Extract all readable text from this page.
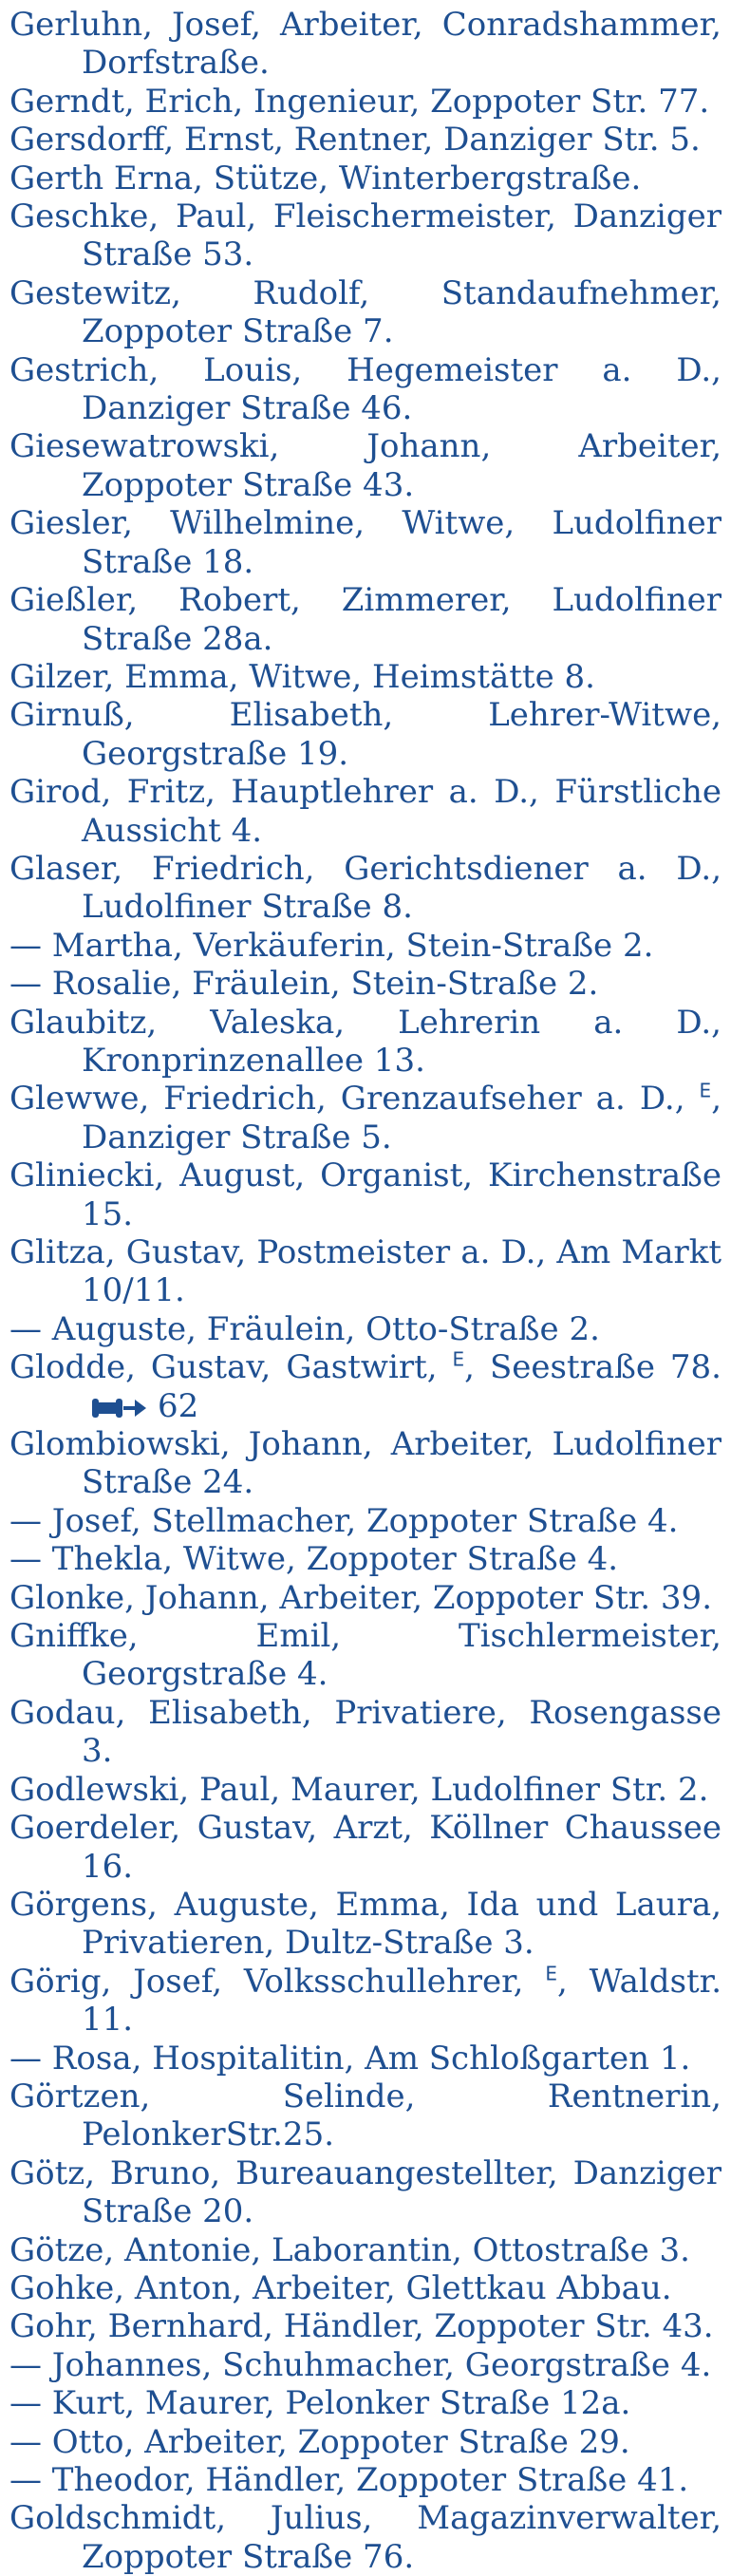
Gerluhn, Josef, Arbeiter, Conradshammer, Dorfstraße.
Gerndt, Erich, Ingenieur, Zoppoter Str. 77.
Gersdorff, Ernst, Rentner, Danziger Str. 5.
Gerth Erna, Stütze, Winterbergstraße.
Geschke, Paul, Fleischermeister, Danziger Straße 53.
Gestewitz, Rudolf, Standaufnehmer, Zoppoter Straße 7.
Gestrich, Louis, Hegemeister a. D., Danziger Straße 46.
Giesewatrowski, Johann, Arbeiter, Zoppoter Straße 43.
Giesler, Wilhelmine, Witwe, Ludolfiner Straße 18.
Gießler, Robert, Zimmerer, Ludolfiner Straße 28a.
Gilzer, Emma, Witwe, Heimstätte 8.
Girnuß, Elisabeth, Lehrer-Witwe, Georgstraße 19.
Girod, Fritz, Hauptlehrer a. D., Fürstliche Aussicht 4.
Glaser, Friedrich, Gerichtsdiener a. D., Ludolfiner Straße 8.
— Martha, Verkäuferin, Stein-Straße 2.
— Rosalie, Fräulein, Stein-Straße 2.
Glaubitz, Valeska, Lehrerin a. D., Kronprinzenallee 13.
Glewwe, Friedrich, Grenzaufseher a. D., $^E$, Danziger Straße 5.
Gliniecki, August, Organist, Kirchenstraße 15.
Glitza, Gustav, Postmeister a. D., Am Markt 10/11.
— Auguste, Fräulein, Otto-Straße 2.
Glodde, Gustav, Gastwirt, $^E$, Seestraße 78.
62
Glombiowski, Johann, Arbeiter, Ludolfiner Straße 24.
— Josef, Stellmacher, Zoppoter Straße 4.
— Thekla, Witwe, Zoppoter Straße 4.
Glonke, Johann, Arbeiter, Zoppoter Str. 39.
Gniffke, Emil, Tischlermeister, Georgstraße 4.
Godau, Elisabeth, Privatiere, Rosengasse 3.
Godlewski, Paul, Maurer, Ludolfiner Str. 2.
Goerdeler, Gustav, Arzt, Köllner Chaussee 16.
Görgens, Auguste, Emma, Ida und Laura, Privatieren, Dultz-Straße 3.
Görig, Josef, Volksschullehrer, $^E$, Waldstr. 11.
— Rosa, Hospitalitin, Am Schloßgarten 1.
Görtzen, Selinde, Rentnerin, PelonkerStr.25.
Götz, Bruno, Bureauangestellter, Danziger Straße 20.
Götze, Antonie, Laborantin, Ottostraße 3.
Gohke, Anton, Arbeiter, Glettkau Abbau.
Gohr, Bernhard, Händler, Zoppoter Str. 43.
— Johannes, Schuhmacher, Georgstraße 4.
— Kurt, Maurer, Pelonker Straße 12a.
— Otto, Arbeiter, Zoppoter Straße 29.
— Theodor, Händler, Zoppoter Straße 41.
Goldschmidt, Julius, Magazinverwalter, Zoppoter Straße 76.
